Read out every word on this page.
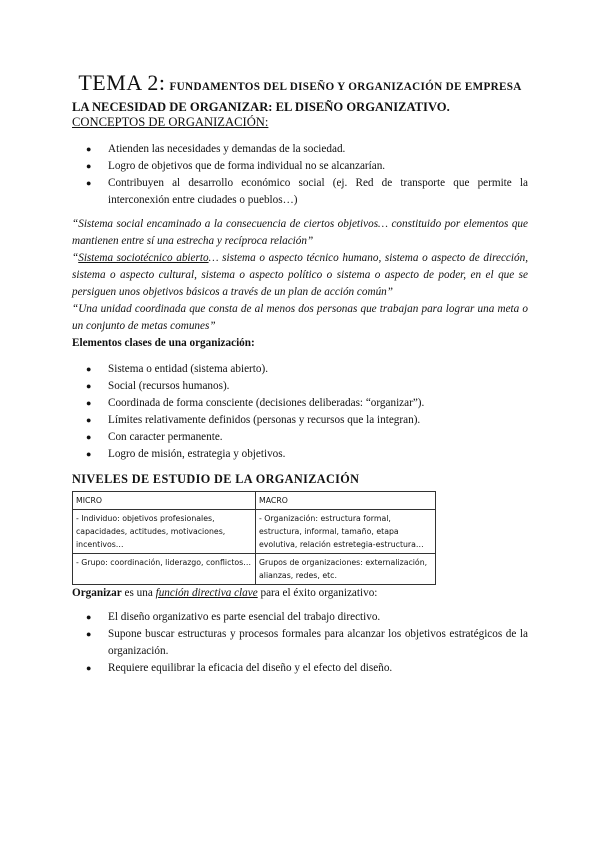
TEMA 2: FUNDAMENTOS DEL DISEÑO Y ORGANIZACIÓN DE EMPRESA

LA NECESIDAD DE ORGANIZAR: EL DISEÑO ORGANIZATIVO.

CONCEPTOS DE ORGANIZACIÓN:

● Atienden las necesidades y demandas de la sociedad.
● Logro de objetivos que de forma individual no se alcanzarían.
● Contribuyen al desarrollo económico social (ej. Red de transporte que permite la interconexión entre ciudades o pueblos…)

“Sistema social encaminado a la consecuencia de ciertos objetivos… constituido por elementos que mantienen entre sí una estrecha y recíproca relación”

“Sistema sociotécnico abierto… sistema o aspecto técnico humano, sistema o aspecto de dirección, sistema o aspecto cultural, sistema o aspecto político o sistema o aspecto de poder, en el que se persiguen unos objetivos básicos a través de un plan de acción común”

“Una unidad coordinada que consta de al menos dos personas que trabajan para lograr una meta o un conjunto de metas comunes”

Elementos clases de una organización:

● Sistema o entidad (sistema abierto).
● Social (recursos humanos).
● Coordinada de forma consciente (decisiones deliberadas: “organizar”).
● Límites relativamente definidos (personas y recursos que la integran).
● Con caracter permanente.
● Logro de misión, estrategia y objetivos.

NIVELES DE ESTUDIO DE LA ORGANIZACIÓN

MICRO	MACRO
- Individuo: objetivos profesionales, capacidades, actitudes, motivaciones, incentivos…	- Organización: estructura formal, estructura, informal, tamaño, etapa evolutiva, relación estretegia-estructura…
- Grupo: coordinación, liderazgo, conflictos…	Grupos de organizaciones: externalización, alianzas, redes, etc.

Organizar es una función directiva clave para el éxito organizativo:

● El diseño organizativo es parte esencial del trabajo directivo.
● Supone buscar estructuras y procesos formales para alcanzar los objetivos estratégicos de la organización.
● Requiere equilibrar la eficacia del diseño y el efecto del diseño.
